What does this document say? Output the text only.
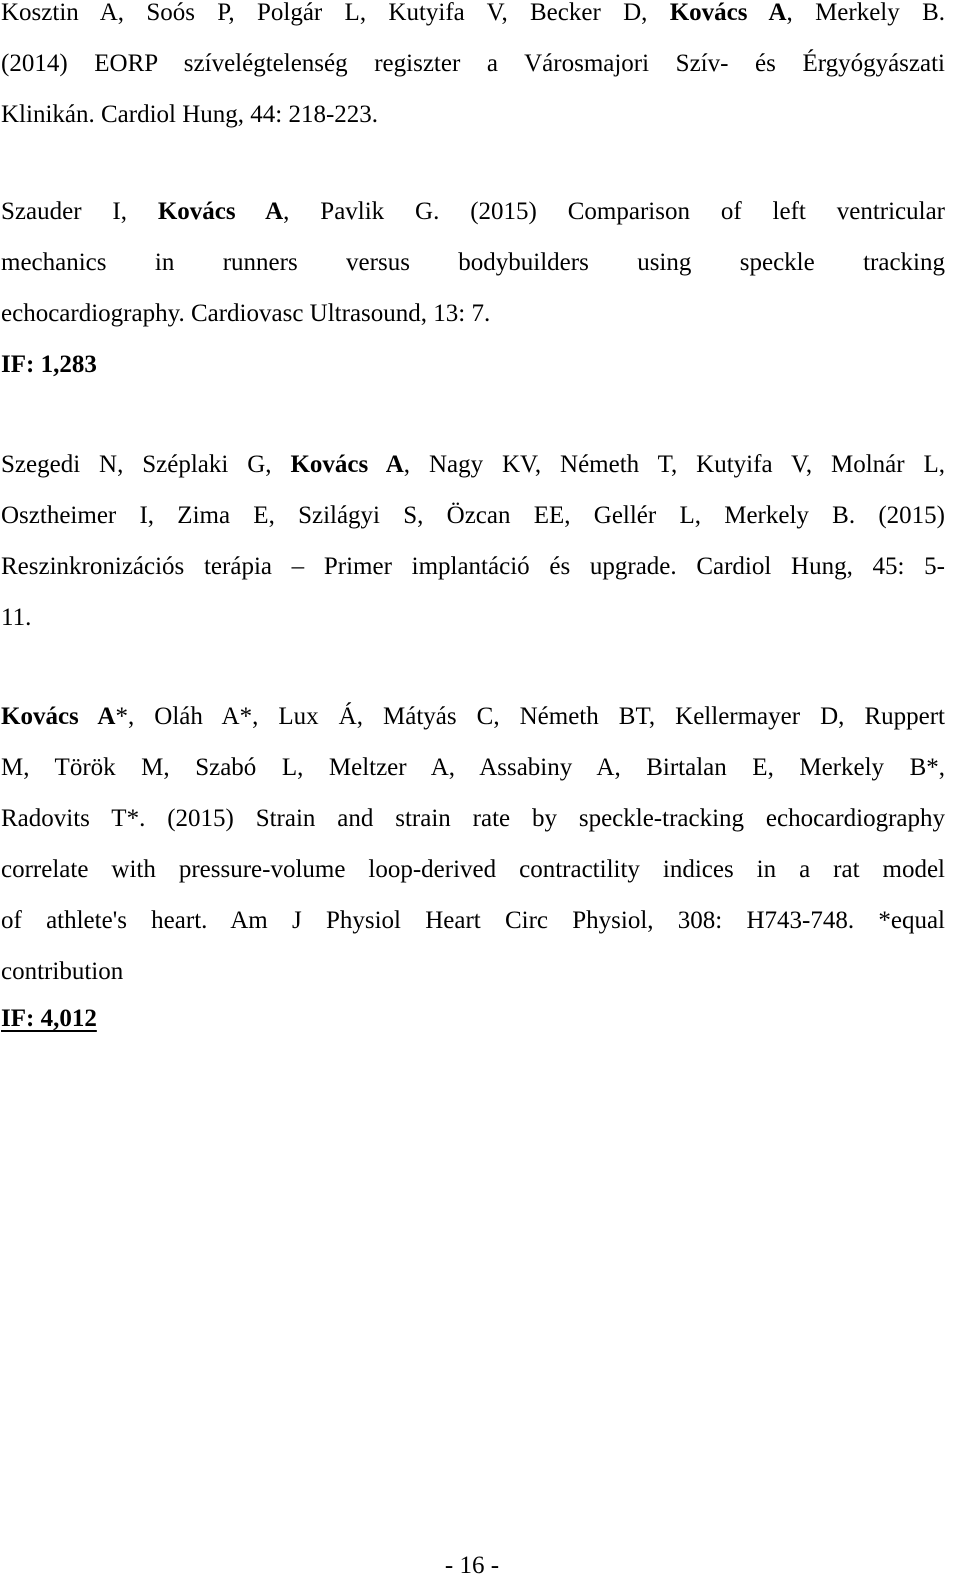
Kosztin A, Soós P, Polgár L, Kutyifa V, Becker D, Kovács A, Merkely B.
(2014) EORP szívelégtelenség regiszter a Városmajori Szív- és Érgyógyászati
Klinikán. Cardiol Hung, 44: 218-223.
Szauder I, Kovács A, Pavlik G. (2015) Comparison of left ventricular
mechanics in runners versus bodybuilders using speckle tracking
echocardiography. Cardiovasc Ultrasound, 13: 7.
IF: 1,283
Szegedi N, Széplaki G, Kovács A, Nagy KV, Németh T, Kutyifa V, Molnár L,
Osztheimer I, Zima E, Szilágyi S, Özcan EE, Gellér L, Merkely B. (2015)
Reszinkronizációs terápia – Primer implantáció és upgrade. Cardiol Hung, 45: 5-
11.
Kovács A*, Oláh A*, Lux Á, Mátyás C, Németh BT, Kellermayer D, Ruppert
M, Török M, Szabó L, Meltzer A, Assabiny A, Birtalan E, Merkely B*,
Radovits T*. (2015) Strain and strain rate by speckle-tracking echocardiography
correlate with pressure-volume loop-derived contractility indices in a rat model
of athlete's heart. Am J Physiol Heart Circ Physiol, 308: H743-748. *equal
contribution
IF: 4,012
- 16 -
